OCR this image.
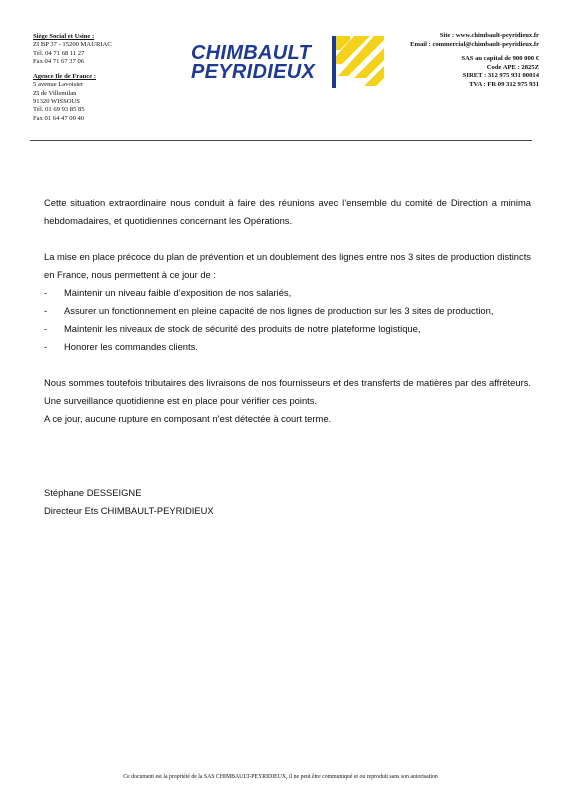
Siège Social et Usine :
ZI BP 37 - 15200 MAURIAC
Tél. 04 71 68 11 27
Fax 04 71 67 37 06
Agence Ile de France :
5 avenue Lavoisier
ZI de Villemilan
91320 WISSOUS
Tél. 01 69 93 85 85
Fax 01 64 47 00 40
CHIMBAULT
PEYRIDIEUX
Site : www.chimbault-peyridieux.fr
Email : commercial@chimbault-peyridieux.fr
SAS au capital de 900 000 €
Code APE : 2825Z
SIRET : 312 975 931 00014
TVA : FR 09 312 975 931

Cette situation extraordinaire nous conduit à faire des réunions avec l’ensemble du comité de Direction a minima hebdomadaires, et quotidiennes concernant les Opérations.

La mise en place précoce du plan de prévention et un doublement des lignes entre nos 3 sites de production distincts en France, nous permettent à ce jour de :

-	Maintenir un niveau faible d’exposition de nos salariés,
-	Assurer un fonctionnement en pleine capacité de nos lignes de production sur les 3 sites de production,
-	Maintenir les niveaux de stock de sécurité des produits de notre plateforme logistique,
-	Honorer les commandes clients.

Nous sommes toutefois tributaires des livraisons de nos fournisseurs et des transferts de matières par des affréteurs. Une surveillance quotidienne est en place pour vérifier ces points.

A ce jour, aucune rupture en composant n’est détectée à court terme.

Stéphane DESSEIGNE
Directeur Ets CHIMBAULT-PEYRIDIEUX
Ce document est la propriété de la SAS CHIMBAULT-PEYRIDIEUX, il ne peut être communiqué et ou reproduit sans son autorisation
